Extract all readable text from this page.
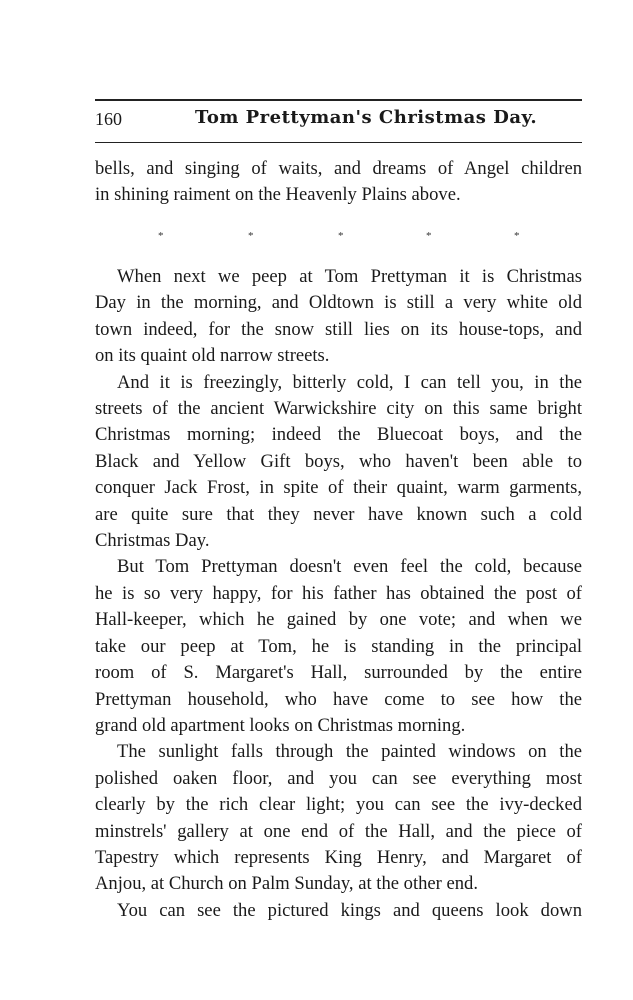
160	Tom Prettyman's Christmas Day.
bells, and singing of waits, and dreams of Angel children
in shining raiment on the Heavenly Plains above.
*	*	*	*	*
When next we peep at Tom Prettyman it is Christmas
Day in the morning, and Oldtown is still a very white old
town indeed, for the snow still lies on its house-tops, and
on its quaint old narrow streets.
And it is freezingly, bitterly cold, I can tell you, in the
streets of the ancient Warwickshire city on this same bright
Christmas morning; indeed the Bluecoat boys, and the
Black and Yellow Gift boys, who haven't been able to
conquer Jack Frost, in spite of their quaint, warm garments,
are quite sure that they never have known such a cold
Christmas Day.
But Tom Prettyman doesn't even feel the cold, because
he is so very happy, for his father has obtained the post of
Hall-keeper, which he gained by one vote; and when we
take our peep at Tom, he is standing in the principal
room of S. Margaret's Hall, surrounded by the entire
Prettyman household, who have come to see how the
grand old apartment looks on Christmas morning.
The sunlight falls through the painted windows on the
polished oaken floor, and you can see everything most
clearly by the rich clear light; you can see the ivy-decked
minstrels' gallery at one end of the Hall, and the piece of
Tapestry which represents King Henry, and Margaret of
Anjou, at Church on Palm Sunday, at the other end.
You can see the pictured kings and queens look down
